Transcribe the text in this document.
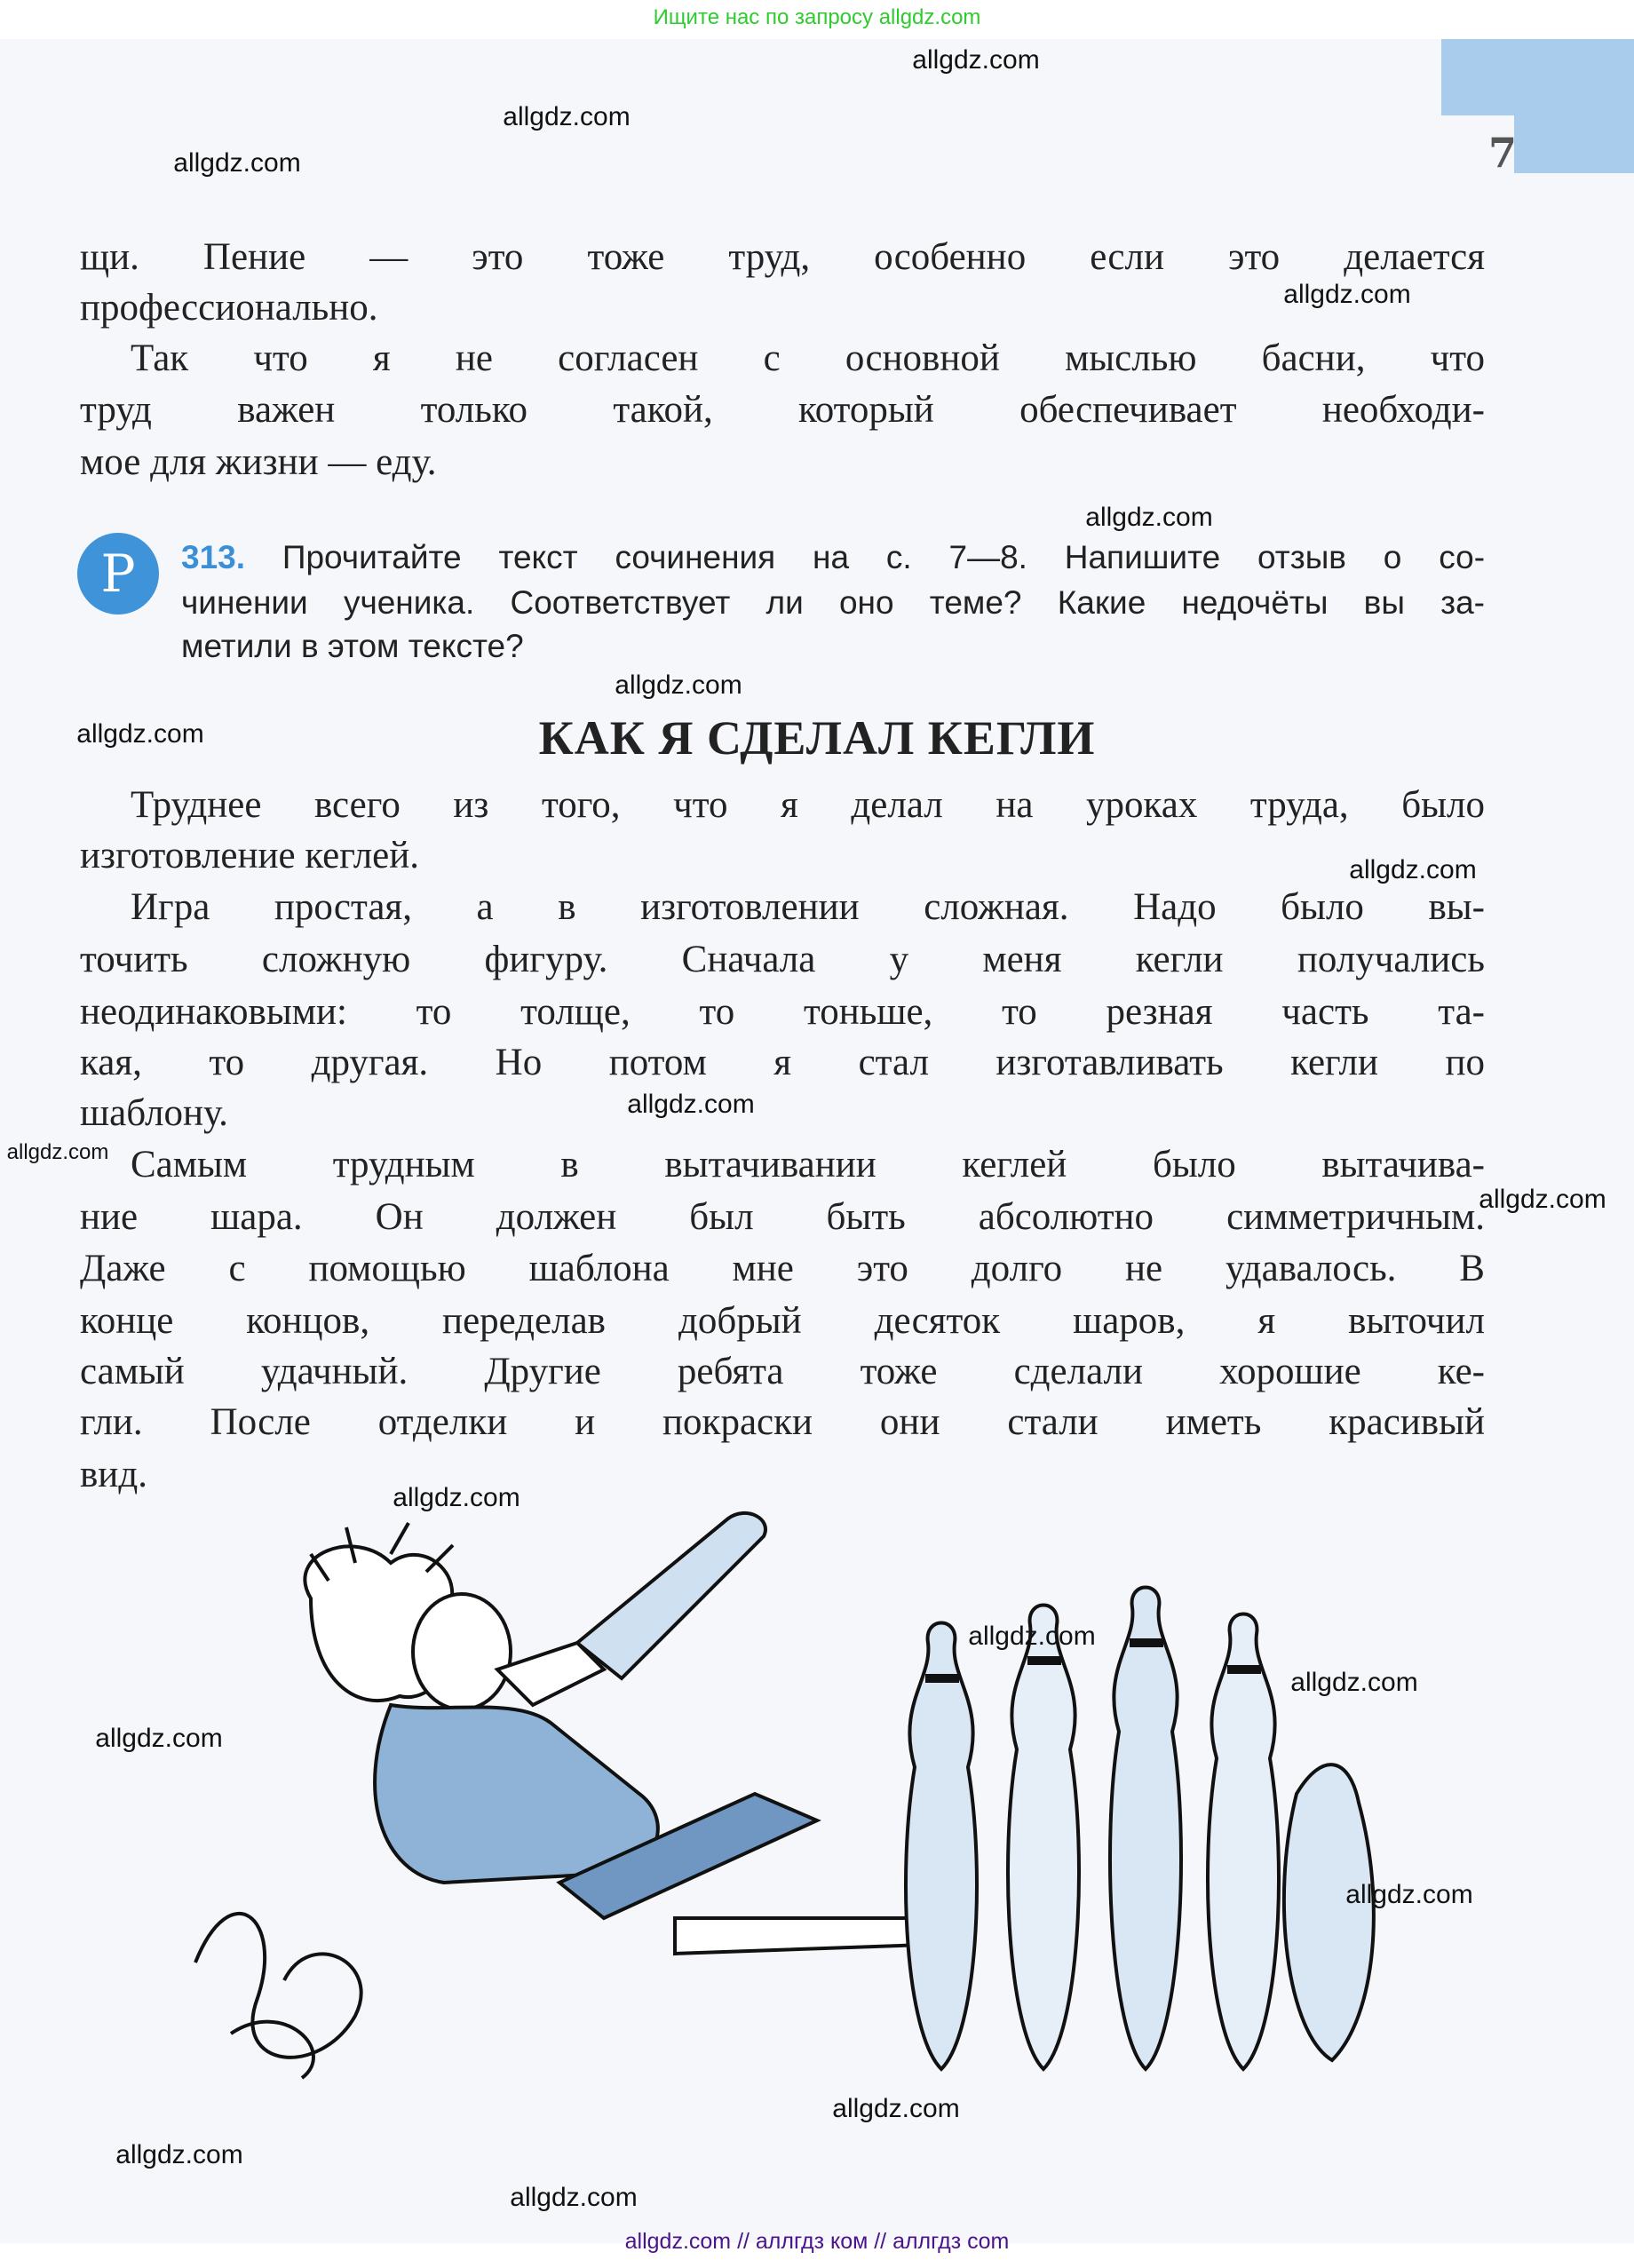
Ищите нас по запросу allgdz.com
7
щи. Пение — это тоже труд, особенно если это делается
профессионально.
Так что я не согласен с основной мыслью басни, что
труд важен только такой, который обеспечивает необходи-
мое для жизни — еду.
Р	313. Прочитайте текст сочинения на с. 7—8. Напишите отзыв о со-
чинении ученика. Соответствует ли оно теме? Какие недочёты вы за-
метили в этом тексте?
КАК Я СДЕЛАЛ КЕГЛИ
Труднее всего из того, что я делал на уроках труда, было
изготовление кеглей.
Игра простая, а в изготовлении сложная. Надо было вы-
точить сложную фигуру. Сначала у меня кегли получались
неодинаковыми: то толще, то тоньше, то резная часть та-
кая, то другая. Но потом я стал изготавливать кегли по
шаблону.
Самым трудным в вытачивании кеглей было вытачива-
ние шара. Он должен был быть абсолютно симметричным.
Даже с помощью шаблона мне это долго не удавалось. В
конце концов, переделав добрый десяток шаров, я выточил
самый удачный. Другие ребята тоже сделали хорошие ке-
гли. После отделки и покраски они стали иметь красивый
вид.
allgdz.com
allgdz.com
allgdz.com
allgdz.com
allgdz.com
allgdz.com
allgdz.com
allgdz.com
allgdz.com
allgdz.com
allgdz.com
allgdz.com
allgdz.com
allgdz.com
allgdz.com
allgdz.com
allgdz.com
allgdz.com
allgdz.com
allgdz.com // аллгдз ком // аллгдз com
